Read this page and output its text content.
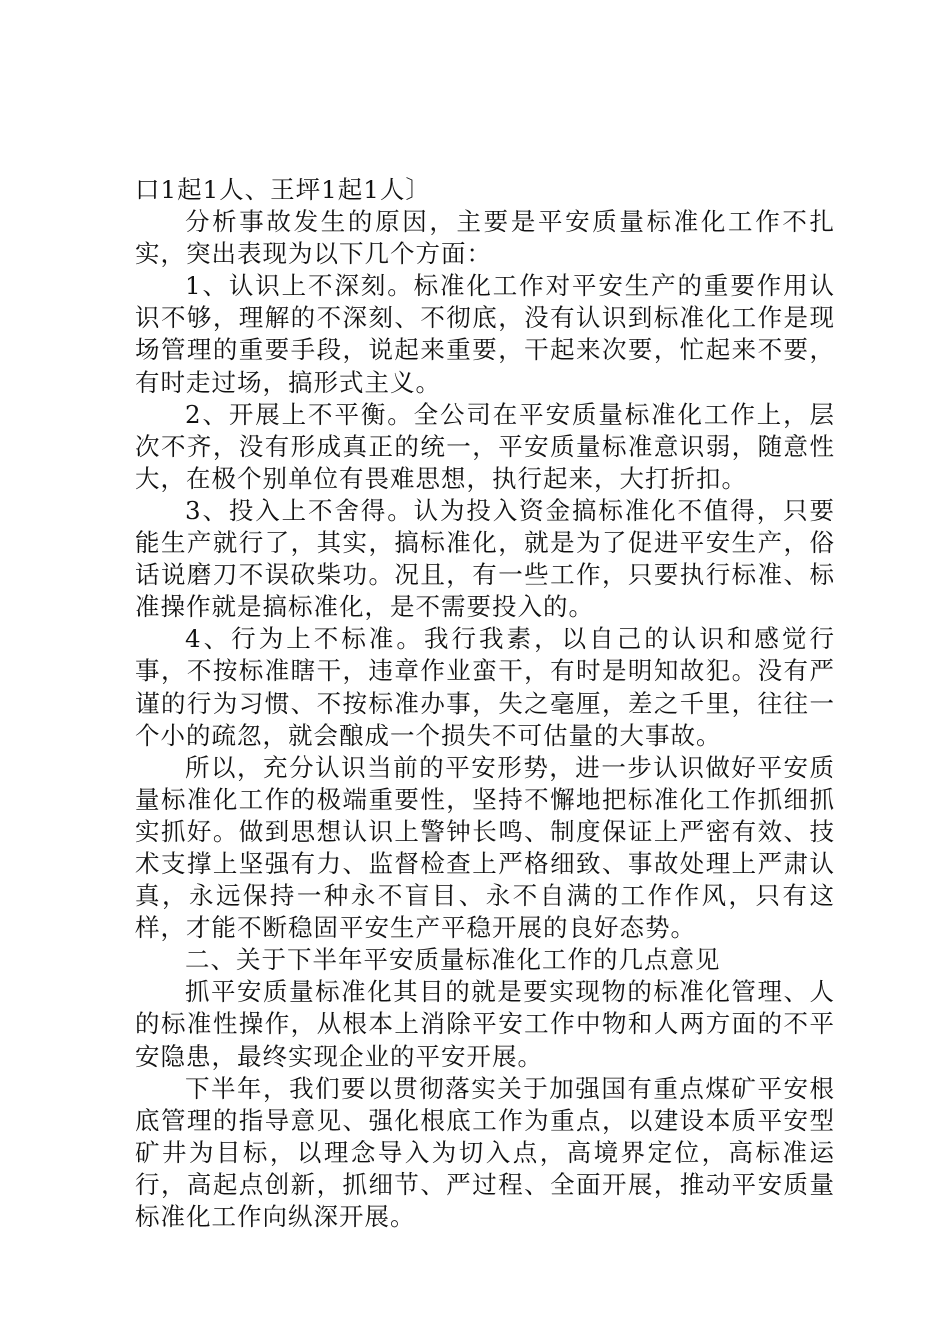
口1起1人、王坪1起1人〕

分析事故发生的原因，主要是平安质量标准化工作不扎实，突出表现为以下几个方面：

1、认识上不深刻。标准化工作对平安生产的重要作用认识不够，理解的不深刻、不彻底，没有认识到标准化工作是现场管理的重要手段，说起来重要，干起来次要，忙起来不要，有时走过场，搞形式主义。

2、开展上不平衡。全公司在平安质量标准化工作上，层次不齐，没有形成真正的统一，平安质量标准意识弱，随意性大，在极个别单位有畏难思想，执行起来，大打折扣。

3、投入上不舍得。认为投入资金搞标准化不值得，只要能生产就行了，其实，搞标准化，就是为了促进平安生产，俗话说磨刀不误砍柴功。况且，有一些工作，只要执行标准、标准操作就是搞标准化，是不需要投入的。

4、行为上不标准。我行我素，以自己的认识和感觉行事，不按标准瞎干，违章作业蛮干，有时是明知故犯。没有严谨的行为习惯、不按标准办事，失之毫厘，差之千里，往往一个小的疏忽，就会酿成一个损失不可估量的大事故。

所以，充分认识当前的平安形势，进一步认识做好平安质量标准化工作的极端重要性，坚持不懈地把标准化工作抓细抓实抓好。做到思想认识上警钟长鸣、制度保证上严密有效、技术支撑上坚强有力、监督检查上严格细致、事故处理上严肃认真，永远保持一种永不盲目、永不自满的工作作风，只有这样，才能不断稳固平安生产平稳开展的良好态势。

二、关于下半年平安质量标准化工作的几点意见

抓平安质量标准化其目的就是要实现物的标准化管理、人的标准性操作，从根本上消除平安工作中物和人两方面的不平安隐患，最终实现企业的平安开展。

下半年，我们要以贯彻落实关于加强国有重点煤矿平安根底管理的指导意见、强化根底工作为重点，以建设本质平安型矿井为目标，以理念导入为切入点，高境界定位，高标准运行，高起点创新，抓细节、严过程、全面开展，推动平安质量标准化工作向纵深开展。
